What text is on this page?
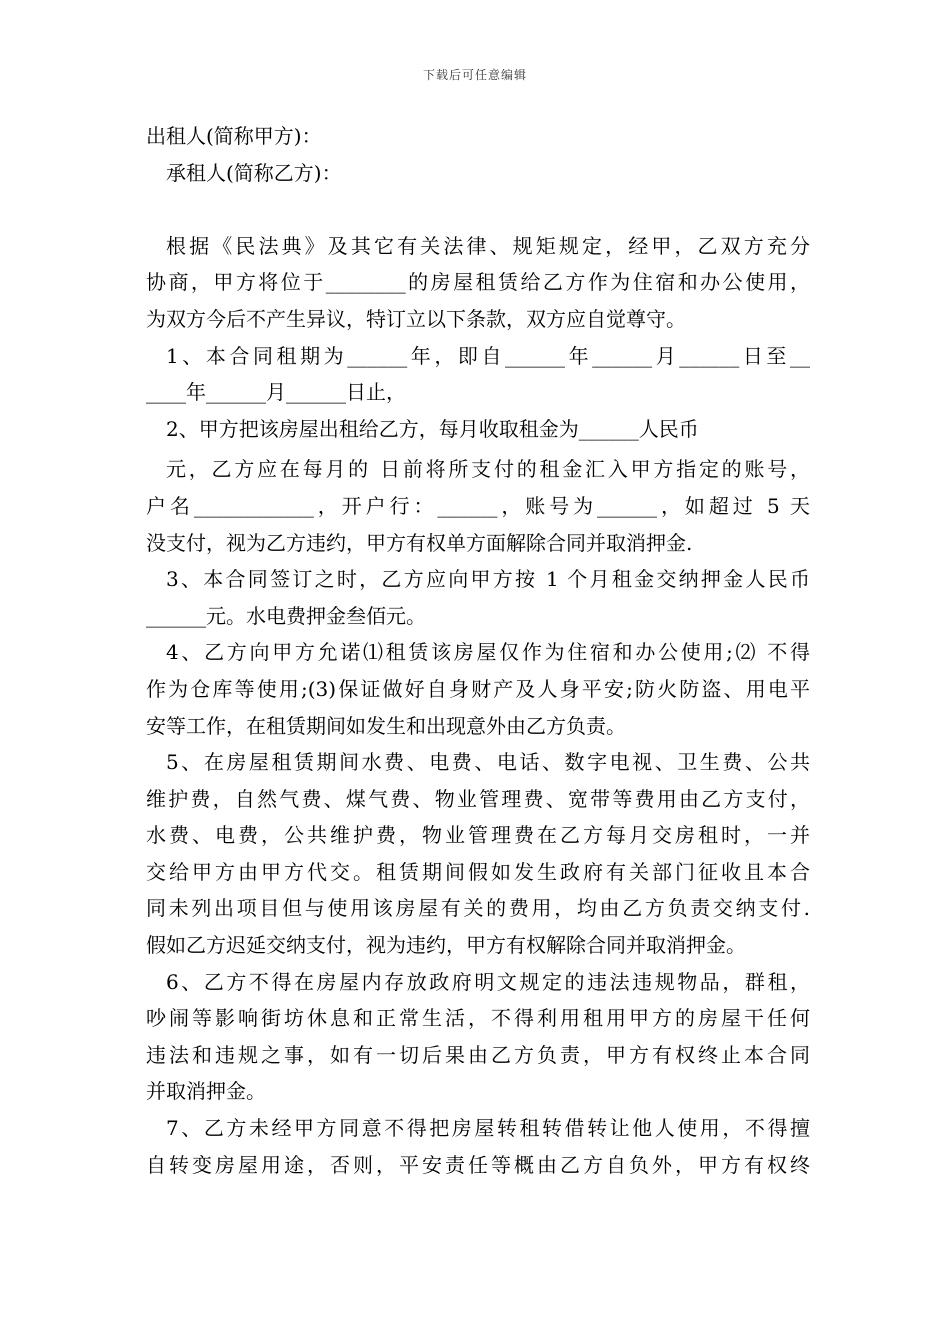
下载后可任意编辑
出租人(简称甲方)：
承租人(简称乙方)：
根据《民法典》及其它有关法律、规矩规定，经甲，乙双方充分
协商，甲方将位于________的房屋租赁给乙方作为住宿和办公使用，
为双方今后不产生异议，特订立以下条款，双方应自觉尊守。
1、本合同租期为______年，即自______年______月______日至__
____年______月______日止，
2、甲方把该房屋出租给乙方，每月收取租金为______人民币
元，乙方应在每月的 日前将所支付的租金汇入甲方指定的账号，
户名____________，开户行：______，账号为______，如超过 5 天
没支付，视为乙方违约，甲方有权单方面解除合同并取消押金.
3、本合同签订之时，乙方应向甲方按 1 个月租金交纳押金人民币
______元。水电费押金叁佰元。
4、乙方向甲方允诺⑴租赁该房屋仅作为住宿和办公使用;⑵ 不得
作为仓库等使用;(3)保证做好自身财产及人身平安;防火防盗、用电平
安等工作，在租赁期间如发生和出现意外由乙方负责。
5、在房屋租赁期间水费、电费、电话、数字电视、卫生费、公共
维护费，自然气费、煤气费、物业管理费、宽带等费用由乙方支付，
水费、电费，公共维护费，物业管理费在乙方每月交房租时，一并
交给甲方由甲方代交。租赁期间假如发生政府有关部门征收且本合
同未列出项目但与使用该房屋有关的费用，均由乙方负责交纳支付.
假如乙方迟延交纳支付，视为违约，甲方有权解除合同并取消押金。
6、乙方不得在房屋内存放政府明文规定的违法违规物品，群租，
吵闹等影响街坊休息和正常生活，不得利用租用甲方的房屋干任何
违法和违规之事，如有一切后果由乙方负责，甲方有权终止本合同
并取消押金。
7、乙方未经甲方同意不得把房屋转租转借转让他人使用，不得擅
自转变房屋用途，否则，平安责任等概由乙方自负外，甲方有权终
